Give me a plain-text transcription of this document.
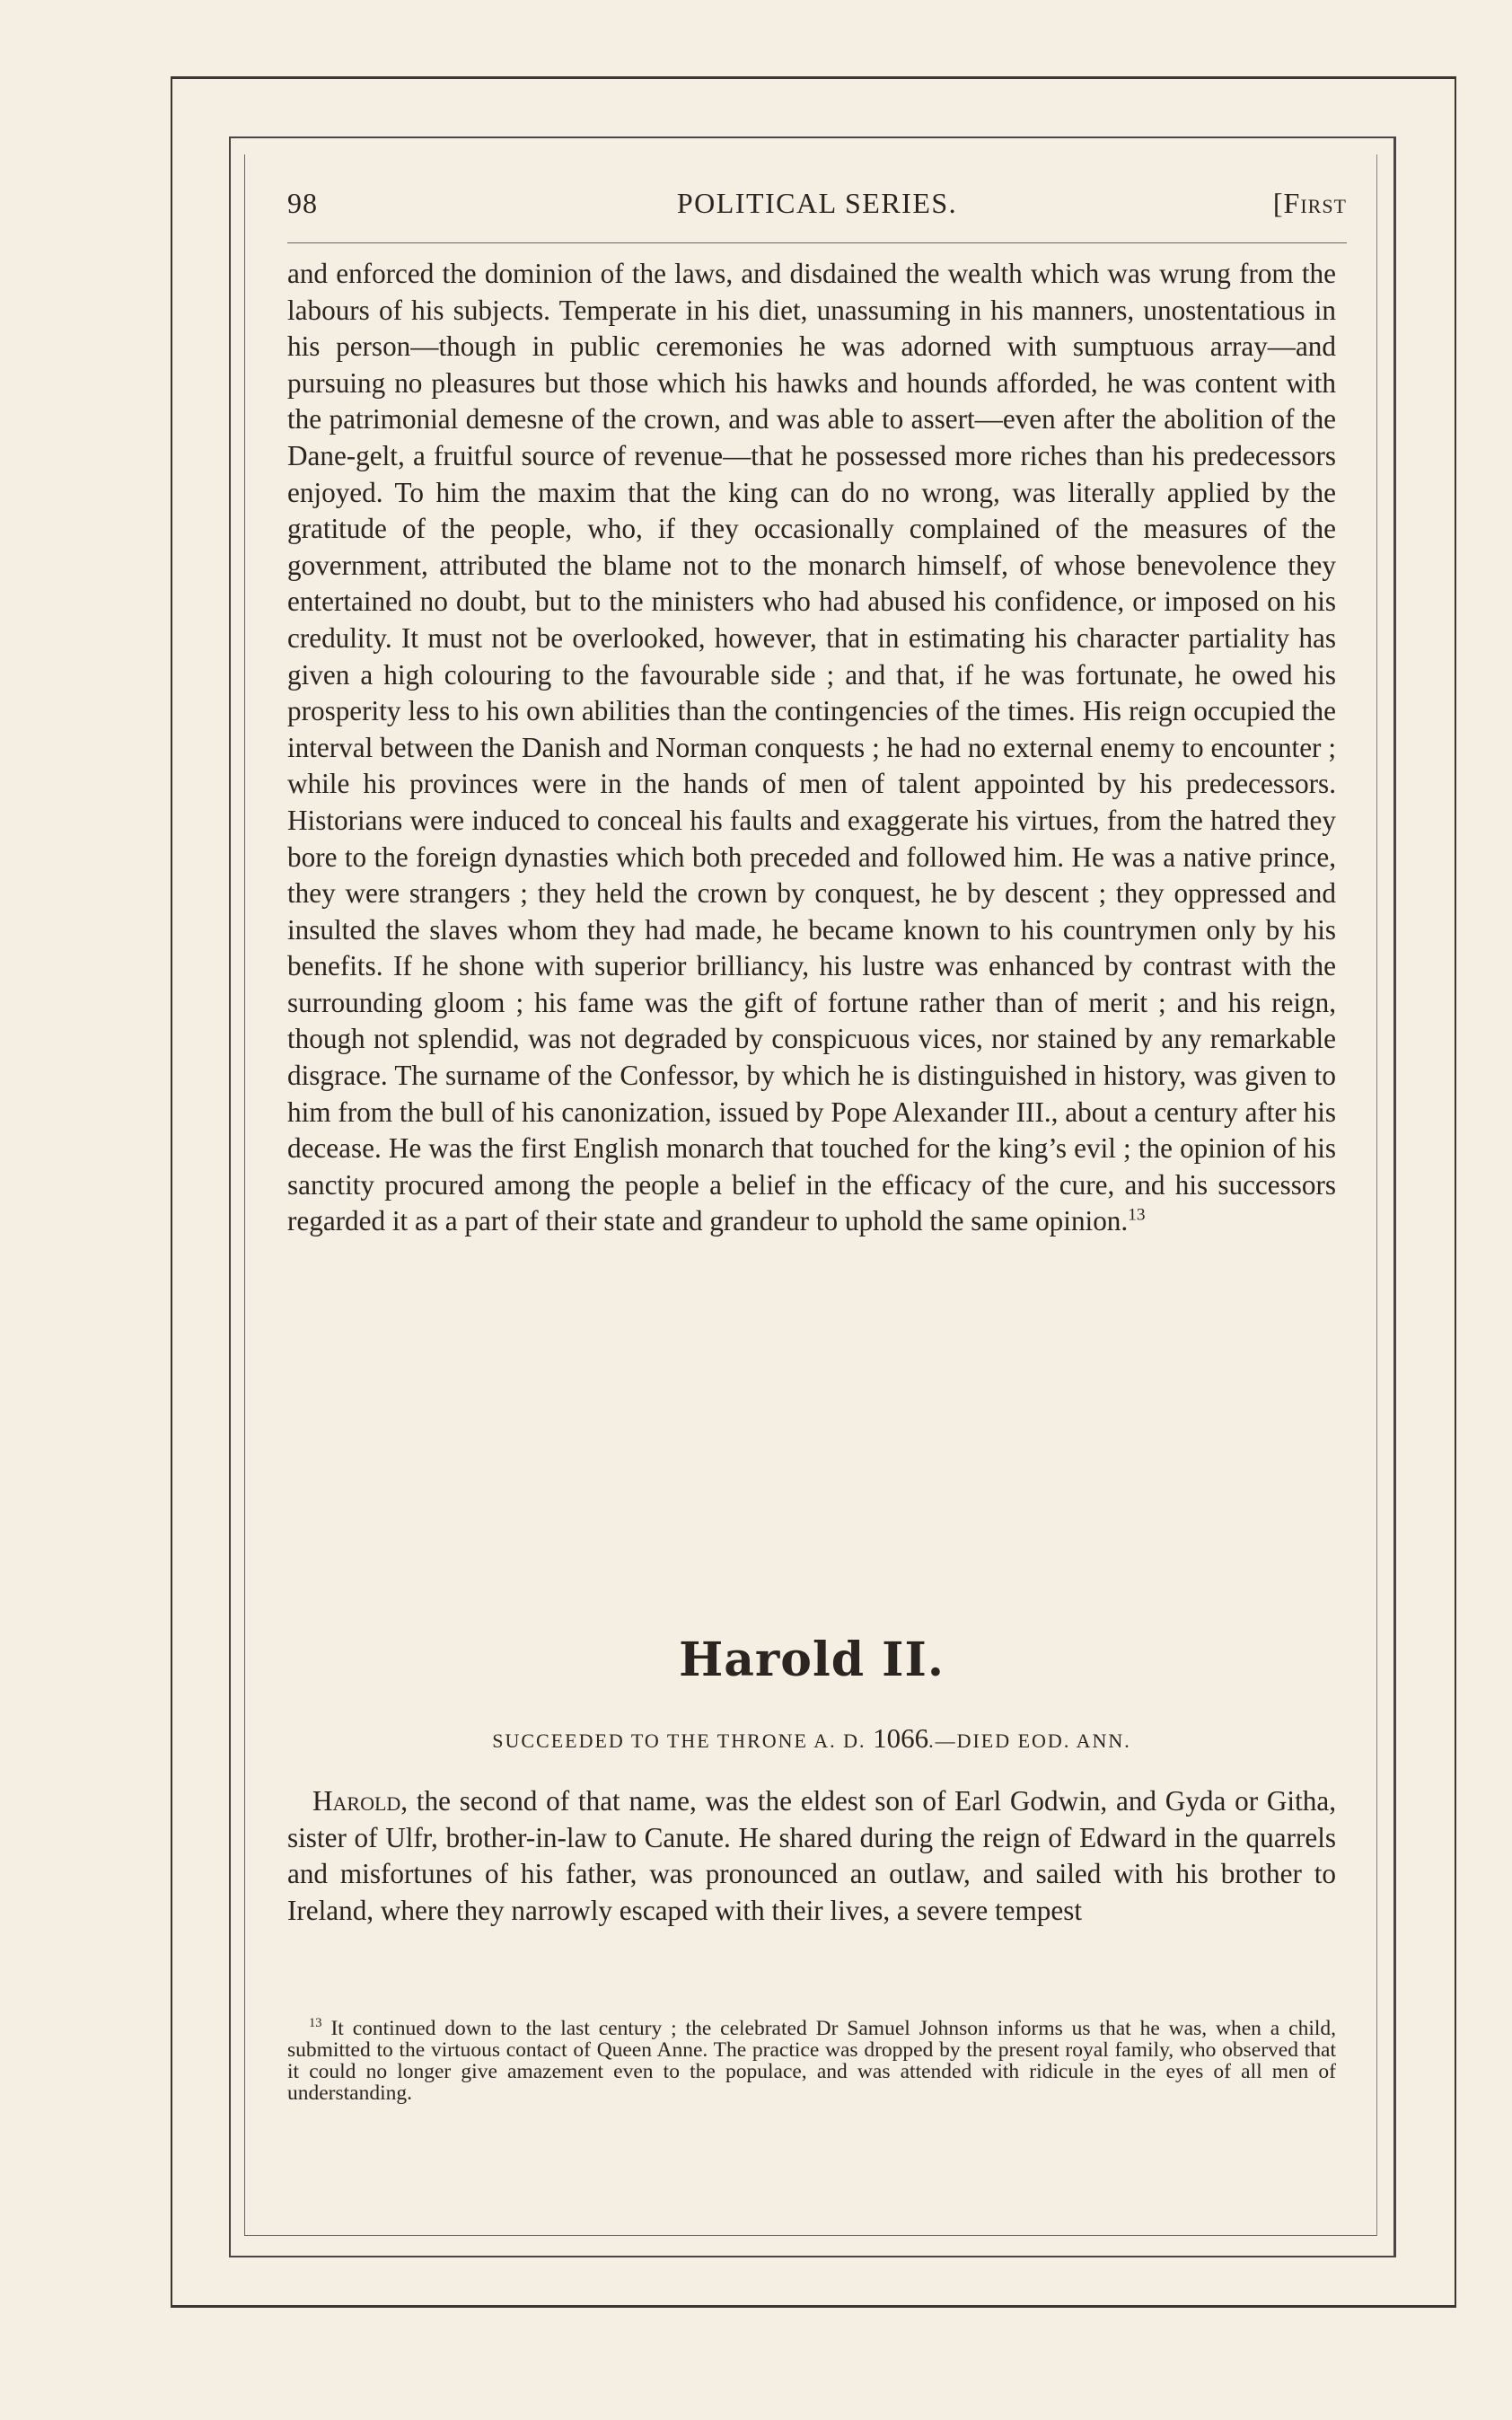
98	POLITICAL SERIES.	[First

and enforced the dominion of the laws, and disdained the wealth which was wrung from the labours of his subjects. Temperate in his diet, unassuming in his manners, unostentatious in his person—though in public ceremonies he was adorned with sumptuous array—and pursuing no pleasures but those which his hawks and hounds afforded, he was content with the patrimonial demesne of the crown, and was able to assert—even after the abolition of the Dane-gelt, a fruitful source of revenue—that he possessed more riches than his predecessors enjoyed. To him the maxim that the king can do no wrong, was literally applied by the gratitude of the people, who, if they occasionally complained of the measures of the government, attributed the blame not to the monarch himself, of whose benevolence they entertained no doubt, but to the ministers who had abused his confidence, or imposed on his credulity. It must not be overlooked, however, that in estimating his character partiality has given a high colouring to the favourable side ; and that, if he was fortunate, he owed his prosperity less to his own abilities than the contingencies of the times. His reign occupied the interval between the Danish and Norman conquests ; he had no external enemy to encounter ; while his provinces were in the hands of men of talent appointed by his predecessors. Historians were induced to conceal his faults and exaggerate his virtues, from the hatred they bore to the foreign dynasties which both preceded and followed him. He was a native prince, they were strangers ; they held the crown by conquest, he by descent ; they oppressed and insulted the slaves whom they had made, he became known to his countrymen only by his benefits. If he shone with superior brilliancy, his lustre was enhanced by contrast with the surrounding gloom ; his fame was the gift of fortune rather than of merit ; and his reign, though not splendid, was not degraded by conspicuous vices, nor stained by any remarkable disgrace. The surname of the Confessor, by which he is distinguished in history, was given to him from the bull of his canonization, issued by Pope Alexander III., about a century after his decease. He was the first English monarch that touched for the king’s evil ; the opinion of his sanctity procured among the people a belief in the efficacy of the cure, and his successors regarded it as a part of their state and grandeur to uphold the same opinion.$^{13}$

Harold II.
SUCCEEDED TO THE THRONE A. D. 1066.—DIED EOD. ANN.

Harold, the second of that name, was the eldest son of Earl Godwin, and Gyda or Githa, sister of Ulfr, brother-in-law to Canute. He shared during the reign of Edward in the quarrels and misfortunes of his father, was pronounced an outlaw, and sailed with his brother to Ireland, where they narrowly escaped with their lives, a severe tempest

$^{13}$ It continued down to the last century ; the celebrated Dr Samuel Johnson informs us that he was, when a child, submitted to the virtuous contact of Queen Anne. The practice was dropped by the present royal family, who observed that it could no longer give amazement even to the populace, and was attended with ridicule in the eyes of all men of understanding.
